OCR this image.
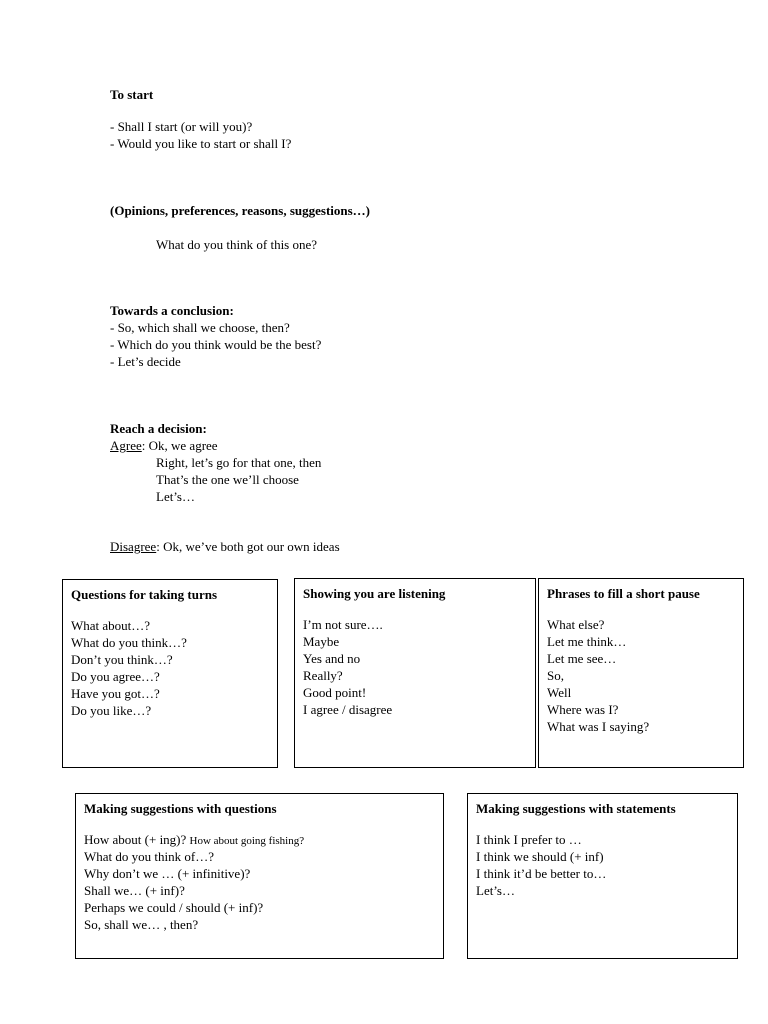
To start
- Shall I start (or will you)?
- Would you like to start or shall I?
(Opinions, preferences, reasons, suggestions…)
What do you think of this one?
Towards a conclusion:
- So, which shall we choose, then?
- Which do you think would be the best?
- Let’s decide
Reach a decision:
Agree: Ok, we agree
Right, let’s go for that one, then
That’s the one we’ll choose
Let’s…
Disagree: Ok, we’ve both got our own ideas
Questions for taking turns
What about…?
What do you think…?
Don’t you think…?
Do you agree…?
Have you got…?
Do you like…?
Showing you are listening
I’m not sure….
Maybe
Yes and no
Really?
Good point!
I agree / disagree
Phrases to fill a short pause
What else?
Let me think…
Let me see…
So,
Well
Where was I?
What was I saying?
Making suggestions with questions
How about (+ ing)? How about going fishing?
What do you think of…?
Why don’t we … (+ infinitive)?
Shall we… (+ inf)?
Perhaps we could / should (+ inf)?
So, shall we… , then?
Making suggestions with statements
I think I prefer to …
I think we should (+ inf)
I think it’d be better to…
Let’s…
